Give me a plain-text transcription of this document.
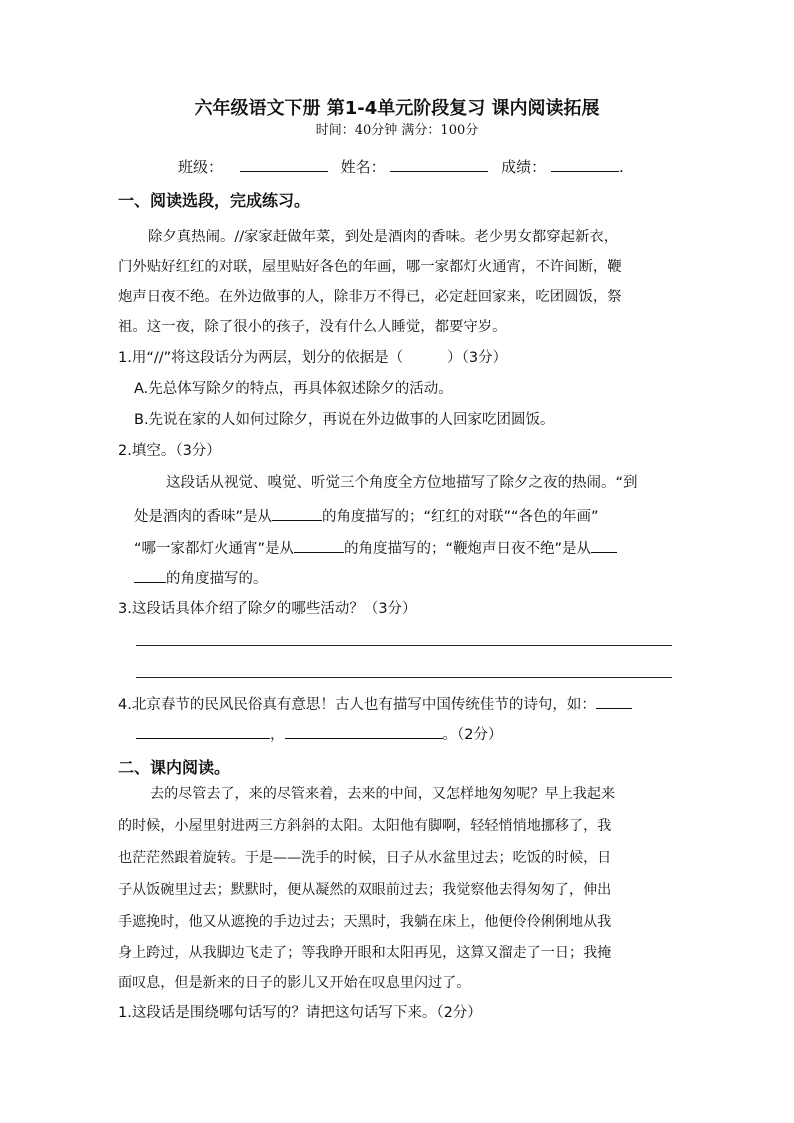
六年级语文下册 第1-4单元阶段复习 课内阅读拓展
时间：40分钟 满分：100分
班级：	姓名：	成绩：	.
一、阅读选段，完成练习。
除夕真热闹。//家家赶做年菜，到处是酒肉的香味。老少男女都穿起新衣，
门外贴好红红的对联，屋里贴好各色的年画，哪一家都灯火通宵，不许间断，鞭
炮声日夜不绝。在外边做事的人，除非万不得已，必定赶回家来，吃团圆饭，祭
祖。这一夜，除了很小的孩子，没有什么人睡觉，都要守岁。
1.用“//”将这段话分为两层，划分的依据是（	）（3分）
A.先总体写除夕的特点，再具体叙述除夕的活动。
B.先说在家的人如何过除夕，再说在外边做事的人回家吃团圆饭。
2.填空。（3分）
这段话从视觉、嗅觉、听觉三个角度全方位地描写了除夕之夜的热闹。“到
处是酒肉的香味”是从	的角度描写的；“红红的对联”“各色的年画”
“哪一家都灯火通宵”是从	的角度描写的；“鞭炮声日夜不绝”是从
的角度描写的。
3.这段话具体介绍了除夕的哪些活动？（3分）
4.北京春节的民风民俗真有意思！古人也有描写中国传统佳节的诗句，如：
，	。（2分）
二、课内阅读。
去的尽管去了，来的尽管来着，去来的中间，又怎样地匆匆呢？早上我起来
的时候，小屋里射进两三方斜斜的太阳。太阳他有脚啊，轻轻悄悄地挪移了，我
也茫茫然跟着旋转。于是——洗手的时候，日子从水盆里过去；吃饭的时候，日
子从饭碗里过去；默默时，便从凝然的双眼前过去；我觉察他去得匆匆了，伸出
手遮挽时，他又从遮挽的手边过去；天黑时，我躺在床上，他便伶伶俐俐地从我
身上跨过，从我脚边飞走了；等我睁开眼和太阳再见，这算又溜走了一日；我掩
面叹息，但是新来的日子的影儿又开始在叹息里闪过了。
1.这段话是围绕哪句话写的？请把这句话写下来。（2分）
